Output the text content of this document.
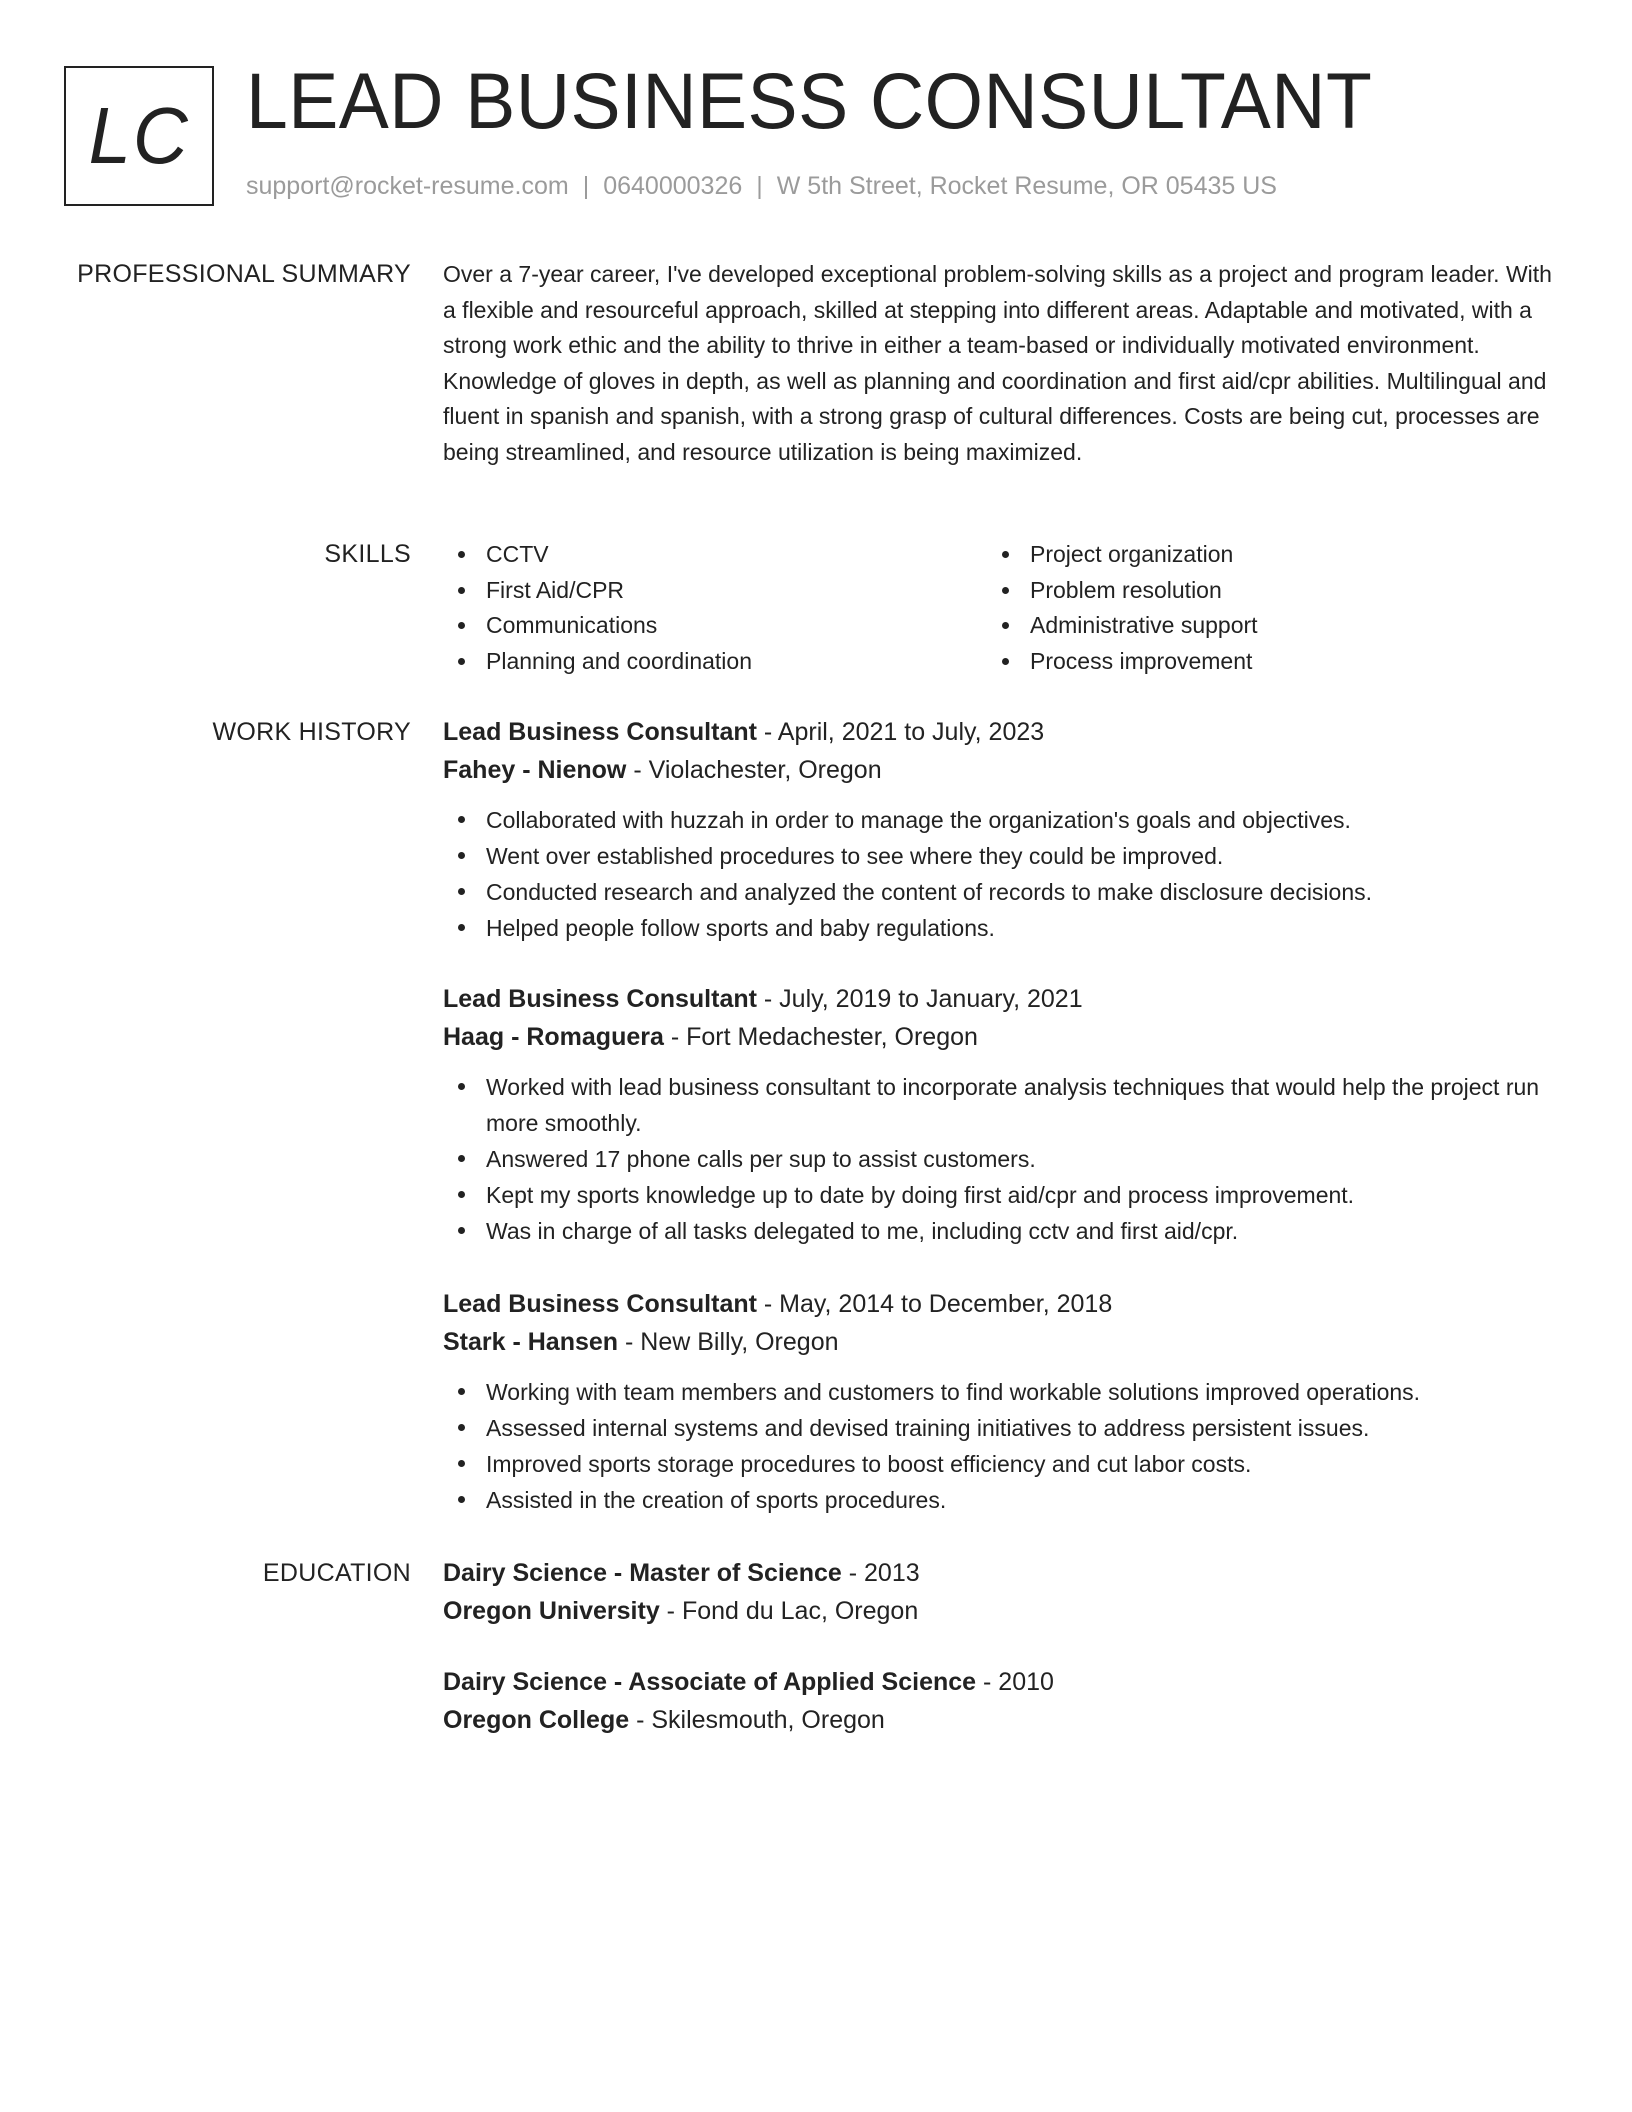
LC LEAD BUSINESS CONSULTANT
support@rocket-resume.com | 0640000326 | W 5th Street, Rocket Resume, OR 05435 US
PROFESSIONAL SUMMARY Over a 7-year career, I've developed exceptional problem-solving skills as a project and program leader. With a flexible and resourceful approach, skilled at stepping into different areas. Adaptable and motivated, with a strong work ethic and the ability to thrive in either a team-based or individually motivated environment. Knowledge of gloves in depth, as well as planning and coordination and first aid/cpr abilities. Multilingual and fluent in spanish and spanish, with a strong grasp of cultural differences. Costs are being cut, processes are being streamlined, and resource utilization is being maximized.
SKILLS	CCTV	Project organization
First Aid/CPR	Problem resolution
Communications	Administrative support
Planning and coordination	Process improvement
WORK HISTORY Lead Business Consultant - April, 2021 to July, 2023
Fahey - Nienow - Violachester, Oregon
Collaborated with huzzah in order to manage the organization's goals and objectives.
Went over established procedures to see where they could be improved.
Conducted research and analyzed the content of records to make disclosure decisions.
Helped people follow sports and baby regulations.
Lead Business Consultant - July, 2019 to January, 2021
Haag - Romaguera - Fort Medachester, Oregon
Worked with lead business consultant to incorporate analysis techniques that would help the project run more smoothly.
Answered 17 phone calls per sup to assist customers.
Kept my sports knowledge up to date by doing first aid/cpr and process improvement.
Was in charge of all tasks delegated to me, including cctv and first aid/cpr.
Lead Business Consultant - May, 2014 to December, 2018
Stark - Hansen - New Billy, Oregon
Working with team members and customers to find workable solutions improved operations.
Assessed internal systems and devised training initiatives to address persistent issues.
Improved sports storage procedures to boost efficiency and cut labor costs.
Assisted in the creation of sports procedures.
EDUCATION Dairy Science - Master of Science - 2013
Oregon University - Fond du Lac, Oregon
Dairy Science - Associate of Applied Science - 2010
Oregon College - Skilesmouth, Oregon
